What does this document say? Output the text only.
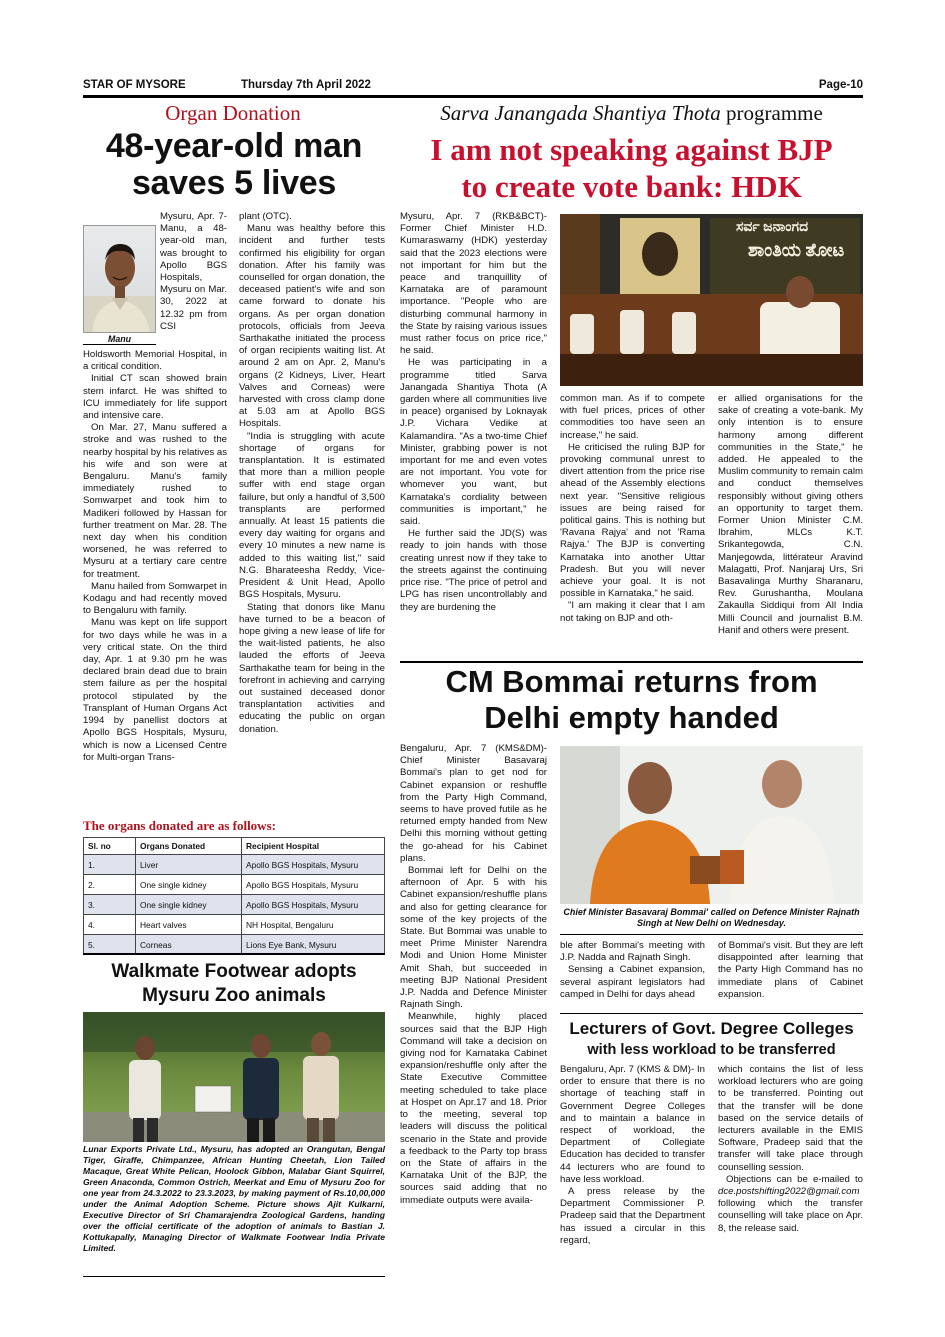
STAR OF MYSORE	Thursday 7th April 2022	Page-10
Organ Donation
48-year-old man
saves 5 lives
Manu

Mysuru, Apr. 7- Manu, a 48-year-old man, was brought to Apollo BGS Hospitals, Mysuru on Mar. 30, 2022 at 12.32 pm from CSI

Holdsworth Memorial Hospital, in a critical condition.

Initial CT scan showed brain stem infarct. He was shifted to ICU immediately for life support and intensive care.

On Mar. 27, Manu suffered a stroke and was rushed to the nearby hospital by his relatives as his wife and son were at Bengaluru. Manu's family immediately rushed to Somwarpet and took him to Madikeri followed by Hassan for further treatment on Mar. 28. The next day when his condition worsened, he was referred to Mysuru at a tertiary care centre for treatment.

Manu hailed from Somwarpet in Kodagu and had recently moved to Bengaluru with family.

Manu was kept on life support for two days while he was in a very critical state. On the third day, Apr. 1 at 9.30 pm he was declared brain dead due to brain stem failure as per the hospital protocol stipulated by the Transplant of Human Organs Act 1994 by panellist doctors at Apollo BGS Hospitals, Mysuru, which is now a Licensed Centre for Multi-organ Trans-

plant (OTC).

Manu was healthy before this incident and further tests confirmed his eligibility for organ donation. After his family was counselled for organ donation, the deceased patient's wife and son came forward to donate his organs. As per organ donation protocols, officials from Jeeva Sarthakathe initiated the process of organ recipients waiting list. At around 2 am on Apr. 2, Manu's organs (2 Kidneys, Liver, Heart Valves and Corneas) were harvested with cross clamp done at 5.03 am at Apollo BGS Hospitals.

"India is struggling with acute shortage of organs for transplantation. It is estimated that more than a million people suffer with end stage organ failure, but only a handful of 3,500 transplants are performed annually. At least 15 patients die every day waiting for organs and every 10 minutes a new name is added to this waiting list," said N.G. Bharateesha Reddy, Vice-President & Unit Head, Apollo BGS Hospitals, Mysuru.

Stating that donors like Manu have turned to be a beacon of hope giving a new lease of life for the wait-listed patients, he also lauded the efforts of Jeeva Sarthakathe team for being in the forefront in achieving and carrying out sustained deceased donor transplantation activities and educating the public on organ donation.

The organs donated are as follows:
Sl. no	Organs Donated	Recipient Hospital
1.	Liver	Apollo BGS Hospitals, Mysuru
2.	One single kidney	Apollo BGS Hospitals, Mysuru
3.	One single kidney	Apollo BGS Hospitals, Mysuru
4.	Heart valves	NH Hospital, Bengaluru
5.	Corneas	Lions Eye Bank, Mysuru
Walkmate Footwear adopts
Mysuru Zoo animals
Lunar Exports Private Ltd., Mysuru, has adopted an Orangutan, Bengal Tiger, Giraffe, Chimpanzee, African Hunting Cheetah, Lion Tailed Macaque, Great White Pelican, Hoolock Gibbon, Malabar Giant Squirrel, Green Anaconda, Common Ostrich, Meerkat and Emu of Mysuru Zoo for one year from 24.3.2022 to 23.3.2023, by making payment of Rs.10,00,000 under the Animal Adoption Scheme. Picture shows Ajit Kulkarni, Executive Director of Sri Chamarajendra Zoological Gardens, handing over the official certificate of the adoption of animals to Bastian J. Kottukapally, Managing Director of Walkmate Footwear India Private Limited.
Sarva Janangada Shantiya Thota programme
I am not speaking against BJP
to create vote bank: HDK

Mysuru, Apr. 7 (RKB&BCT)- Former Chief Minister H.D. Kumaraswamy (HDK) yesterday said that the 2023 elections were not important for him but the peace and tranquillity of Karnataka are of paramount importance. "People who are disturbing communal harmony in the State by raising various issues must rather focus on price rice," he said.

He was participating in a programme titled Sarva Janangada Shantiya Thota (A garden where all communities live in peace) organised by Loknayak J.P. Vichara Vedike at Kalamandira. "As a two-time Chief Minister, grabbing power is not important for me and even votes are not important. You vote for whomever you want, but Karnataka's cordiality between communities is important," he said.

He further said the JD(S) was ready to join hands with those creating unrest now if they take to the streets against the continuing price rise. "The price of petrol and LPG has risen uncontrollably and they are burdening the

ಸರ್ವ ಜನಾಂಗದ
ಶಾಂತಿಯ ತೋಟ

common man. As if to compete with fuel prices, prices of other commodities too have seen an increase," he said.

He criticised the ruling BJP for provoking communal unrest to divert attention from the price rise ahead of the Assembly elections next year. "Sensitive religious issues are being raised for political gains. This is nothing but 'Ravana Rajya' and not 'Rama Rajya.' The BJP is converting Karnataka into another Uttar Pradesh. But you will never achieve your goal. It is not possible in Karnataka," he said.

"I am making it clear that I am not taking on BJP and oth-

er allied organisations for the sake of creating a vote-bank. My only intention is to ensure harmony among different communities in the State," he added. He appealed to the Muslim community to remain calm and conduct themselves responsibly without giving others an opportunity to target them. Former Union Minister C.M. Ibrahim, MLCs K.T. Srikantegowda, C.N. Manjegowda, littérateur Aravind Malagatti, Prof. Nanjaraj Urs, Sri Basavalinga Murthy Sharanaru, Rev. Gurushantha, Moulana Zakaulla Siddiqui from All India Milli Council and journalist B.M. Hanif and others were present.

CM Bommai returns from
Delhi empty handed

Bengaluru, Apr. 7 (KMS&DM)- Chief Minister Basavaraj Bommai's plan to get nod for Cabinet expansion or reshuffle from the Party High Command, seems to have proved futile as he returned empty handed from New Delhi this morning without getting the go-ahead for his Cabinet plans.

Bommai left for Delhi on the afternoon of Apr. 5 with his Cabinet expansion/reshuffle plans and also for getting clearance for some of the key projects of the State. But Bommai was unable to meet Prime Minister Narendra Modi and Union Home Minister Amit Shah, but succeeded in meeting BJP National President J.P. Nadda and Defence Minister Rajnath Singh.

Meanwhile, highly placed sources said that the BJP High Command will take a decision on giving nod for Karnataka Cabinet expansion/reshuffle only after the State Executive Committee meeting scheduled to take place at Hospet on Apr.17 and 18. Prior to the meeting, several top leaders will discuss the political scenario in the State and provide a feedback to the Party top brass on the State of affairs in the Karnataka Unit of the BJP, the sources said adding that no immediate outputs were availa-

Chief Minister Basavaraj Bommai' called on Defence Minister Rajnath Singh at New Delhi on Wednesday.

ble after Bommai's meeting with J.P. Nadda and Rajnath Singh.

Sensing a Cabinet expansion, several aspirant legislators had camped in Delhi for days ahead

of Bommai's visit. But they are left disappointed after learning that the Party High Command has no immediate plans of Cabinet expansion.

Lecturers of Govt. Degree Colleges
with less workload to be transferred

Bengaluru, Apr. 7 (KMS & DM)- In order to ensure that there is no shortage of teaching staff in Government Degree Colleges and to maintain a balance in respect of workload, the Department of Collegiate Education has decided to transfer 44 lecturers who are found to have less workload.

A press release by the Department Commissioner P. Pradeep said that the Department has issued a circular in this regard,

which contains the list of less workload lecturers who are going to be transferred. Pointing out that the transfer will be done based on the service details of lecturers available in the EMIS Software, Pradeep said that the transfer will take place through counselling session.

Objections can be e-mailed to dce.postshifting2022@gmail.com following which the transfer counselling will take place on Apr. 8, the release said.
